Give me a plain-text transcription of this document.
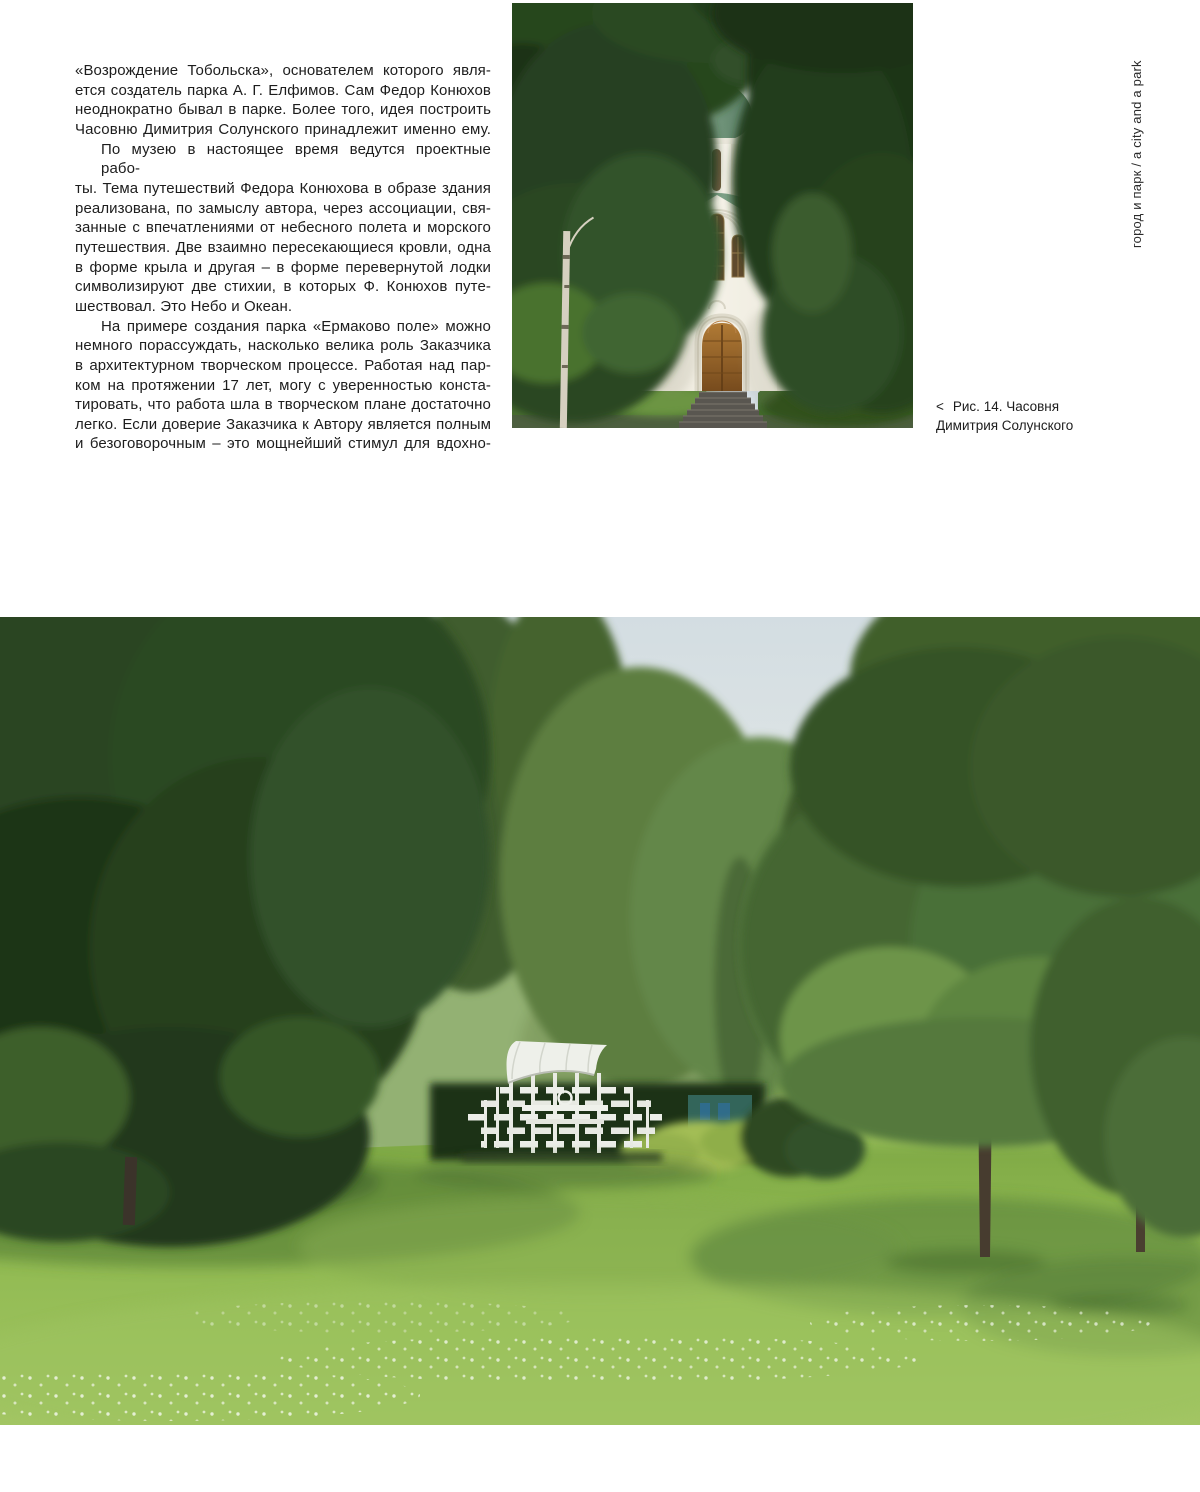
«Возрождение Тобольска», основателем которого явля-
ется создатель парка А. Г. Елфимов. Сам Федор Конюхов
неоднократно бывал в парке. Более того, идея построить
Часовню Димитрия Солунского принадлежит именно ему.
По музею в настоящее время ведутся проектные рабо-
ты. Тема путешествий Федора Конюхова в образе здания
реализована, по замыслу автора, через ассоциации, свя-
занные с впечатлениями от небесного полета и морского
путешествия. Две взаимно пересекающиеся кровли, одна
в форме крыла и другая – в форме перевернутой лодки
символизируют две стихии, в которых Ф. Конюхов путе-
шествовал. Это Небо и Океан.
На примере создания парка «Ермаково поле» можно
немного порассуждать, насколько велика роль Заказчика
в архитектурном творческом процессе. Работая над пар-
ком на протяжении 17 лет, могу с уверенностью конста-
тировать, что работа шла в творческом плане достаточно
легко. Если доверие Заказчика к Автору является полным
и безоговорочным – это мощнейший стимул для вдохно-
< Рис. 14. Часовня
Димитрия Солунского
город и парк / a city and a park
